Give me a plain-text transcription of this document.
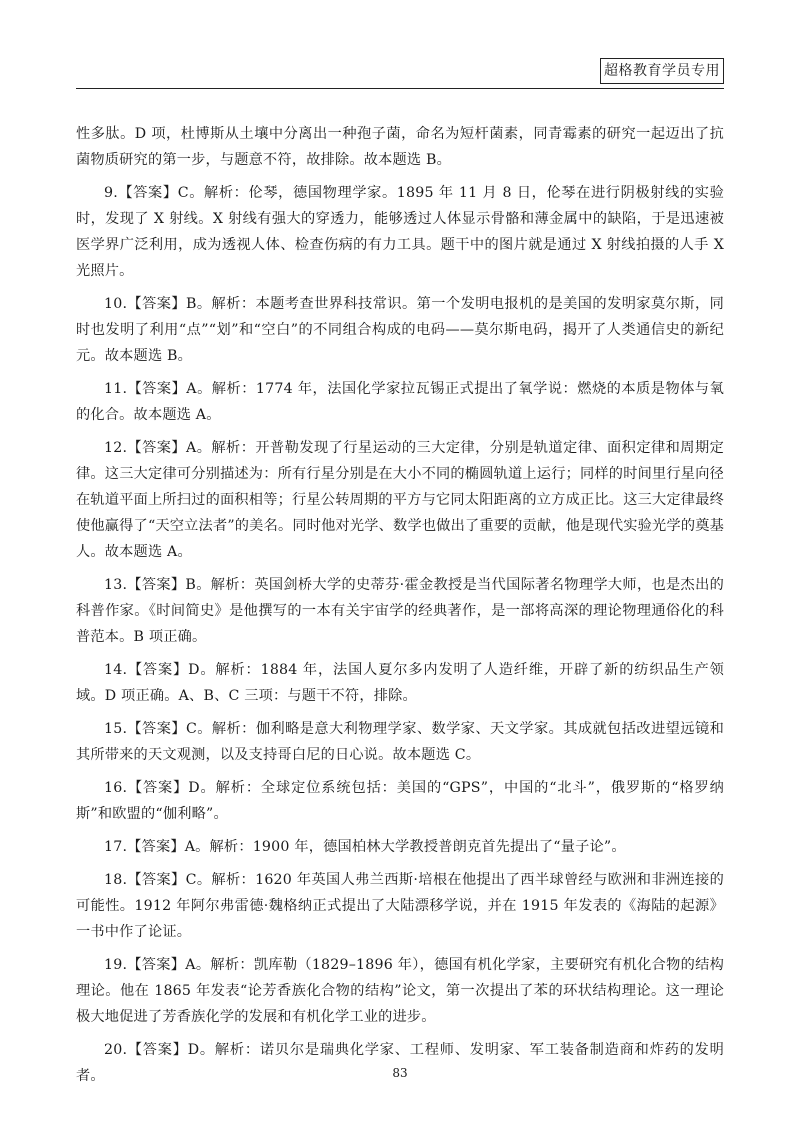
超格教育学员专用

性多肽。D 项，杜博斯从土壤中分离出一种孢子菌，命名为短杆菌素，同青霉素的研究一起迈出了抗菌物质研究的第一步，与题意不符，故排除。故本题选 B。

9.【答案】C。解析：伦琴，德国物理学家。1895 年 11 月 8 日，伦琴在进行阴极射线的实验时，发现了 X 射线。X 射线有强大的穿透力，能够透过人体显示骨骼和薄金属中的缺陷，于是迅速被医学界广泛利用，成为透视人体、检查伤病的有力工具。题干中的图片就是通过 X 射线拍摄的人手 X 光照片。

10.【答案】B。解析：本题考查世界科技常识。第一个发明电报机的是美国的发明家莫尔斯，同时也发明了利用“点”“划”和“空白”的不同组合构成的电码——莫尔斯电码，揭开了人类通信史的新纪元。故本题选 B。

11.【答案】A。解析：1774 年，法国化学家拉瓦锡正式提出了氧学说：燃烧的本质是物体与氧的化合。故本题选 A。

12.【答案】A。解析：开普勒发现了行星运动的三大定律，分别是轨道定律、面积定律和周期定律。这三大定律可分别描述为：所有行星分别是在大小不同的椭圆轨道上运行；同样的时间里行星向径在轨道平面上所扫过的面积相等；行星公转周期的平方与它同太阳距离的立方成正比。这三大定律最终使他赢得了“天空立法者”的美名。同时他对光学、数学也做出了重要的贡献，他是现代实验光学的奠基人。故本题选 A。

13.【答案】B。解析：英国剑桥大学的史蒂芬·霍金教授是当代国际著名物理学大师，也是杰出的科普作家。《时间简史》是他撰写的一本有关宇宙学的经典著作，是一部将高深的理论物理通俗化的科普范本。B 项正确。

14.【答案】D。解析：1884 年，法国人夏尔多内发明了人造纤维，开辟了新的纺织品生产领域。D 项正确。A、B、C 三项：与题干不符，排除。

15.【答案】C。解析：伽利略是意大利物理学家、数学家、天文学家。其成就包括改进望远镜和其所带来的天文观测，以及支持哥白尼的日心说。故本题选 C。

16.【答案】D。解析：全球定位系统包括：美国的“GPS”，中国的“北斗”，俄罗斯的“格罗纳斯”和欧盟的“伽利略”。

17.【答案】A。解析：1900 年，德国柏林大学教授普朗克首先提出了“量子论”。

18.【答案】C。解析：1620 年英国人弗兰西斯·培根在他提出了西半球曾经与欧洲和非洲连接的可能性。1912 年阿尔弗雷德·魏格纳正式提出了大陆漂移学说，并在 1915 年发表的《海陆的起源》一书中作了论证。

19.【答案】A。解析：凯库勒（1829–1896 年），德国有机化学家，主要研究有机化合物的结构理论。他在 1865 年发表“论芳香族化合物的结构”论文，第一次提出了苯的环状结构理论。这一理论极大地促进了芳香族化学的发展和有机化学工业的进步。

20.【答案】D。解析：诺贝尔是瑞典化学家、工程师、发明家、军工装备制造商和炸药的发明者。	83
